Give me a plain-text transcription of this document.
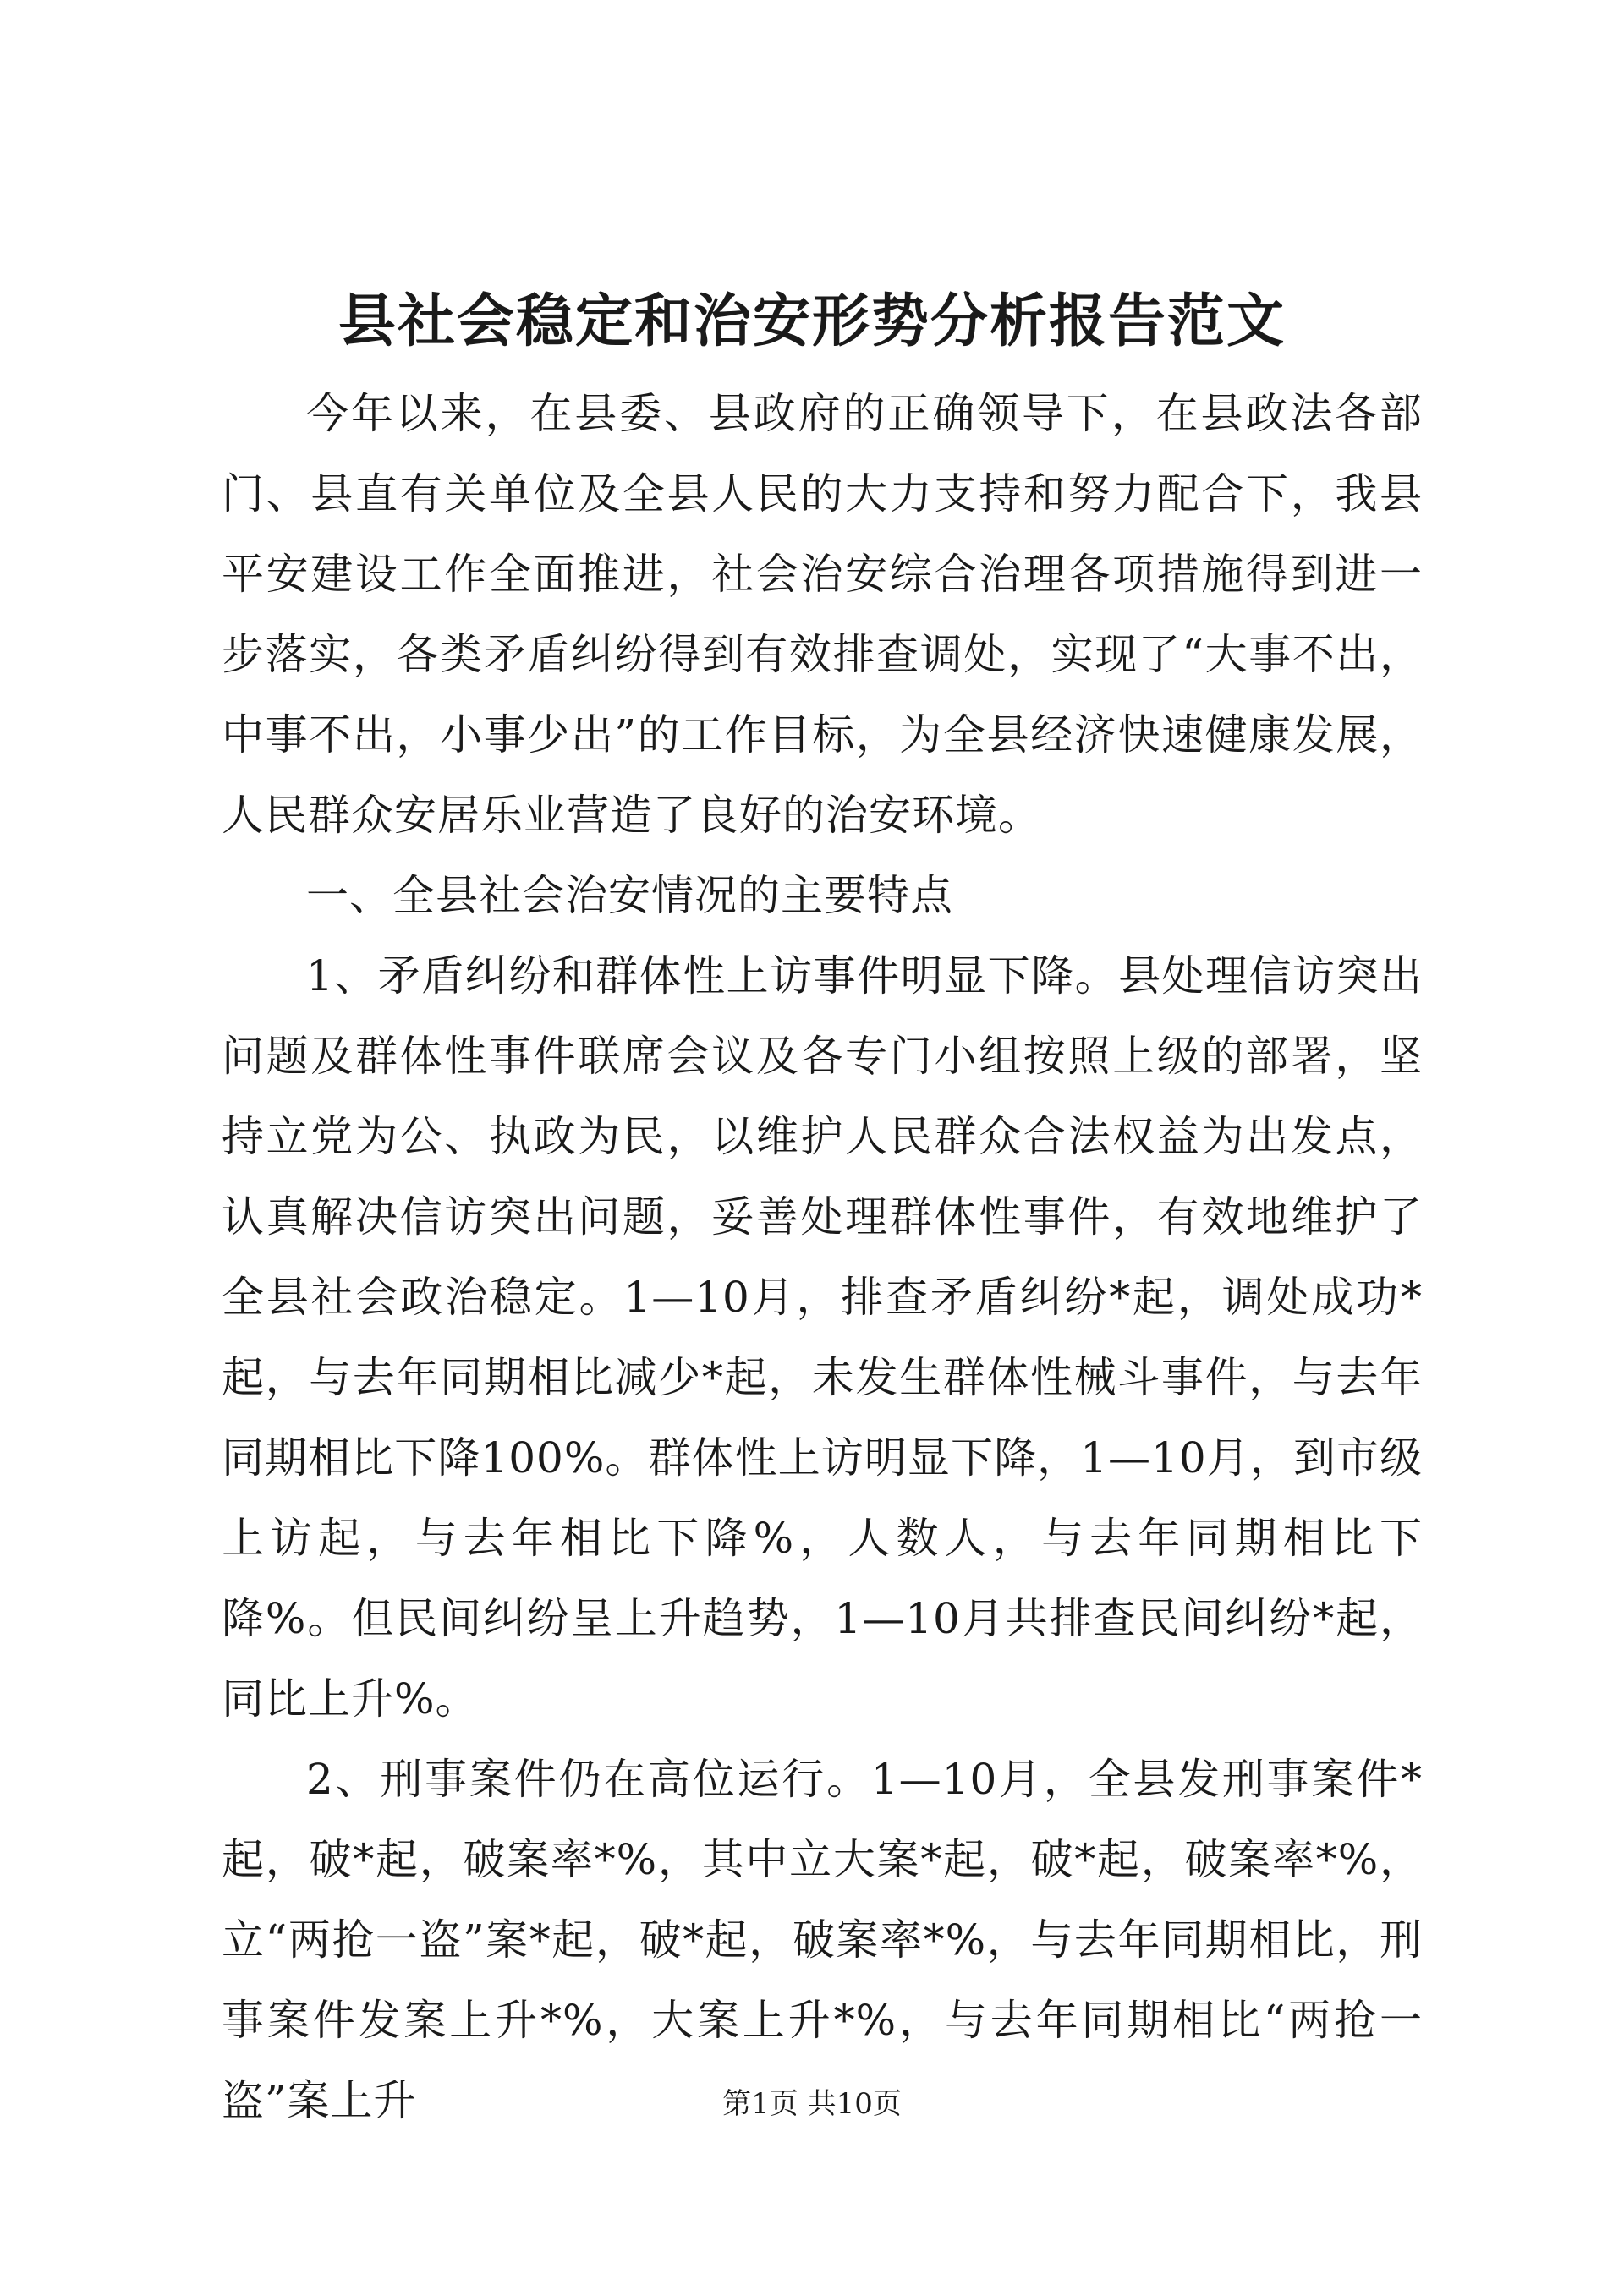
县社会稳定和治安形势分析报告范文

今年以来，在县委、县政府的正确领导下，在县政法各部门、县直有关单位及全县人民的大力支持和努力配合下，我县平安建设工作全面推进，社会治安综合治理各项措施得到进一步落实，各类矛盾纠纷得到有效排查调处，实现了“大事不出，中事不出，小事少出”的工作目标，为全县经济快速健康发展，人民群众安居乐业营造了良好的治安环境。

一、全县社会治安情况的主要特点

1、矛盾纠纷和群体性上访事件明显下降。县处理信访突出问题及群体性事件联席会议及各专门小组按照上级的部署，坚持立党为公、执政为民，以维护人民群众合法权益为出发点，认真解决信访突出问题，妥善处理群体性事件，有效地维护了全县社会政治稳定。1—10月，排查矛盾纠纷*起，调处成功*起，与去年同期相比减少*起，未发生群体性械斗事件，与去年同期相比下降100%。群体性上访明显下降，1—10月，到市级上访起，与去年相比下降%，人数人，与去年同期相比下降%。但民间纠纷呈上升趋势，1—10月共排查民间纠纷*起，同比上升%。

2、刑事案件仍在高位运行。1—10月，全县发刑事案件*起，破*起，破案率*%，其中立大案*起，破*起，破案率*%，立“两抢一盗”案*起，破*起，破案率*%，与去年同期相比，刑事案件发案上升*%，大案上升*%，与去年同期相比“两抢一盗”案上升	第1页 共10页
